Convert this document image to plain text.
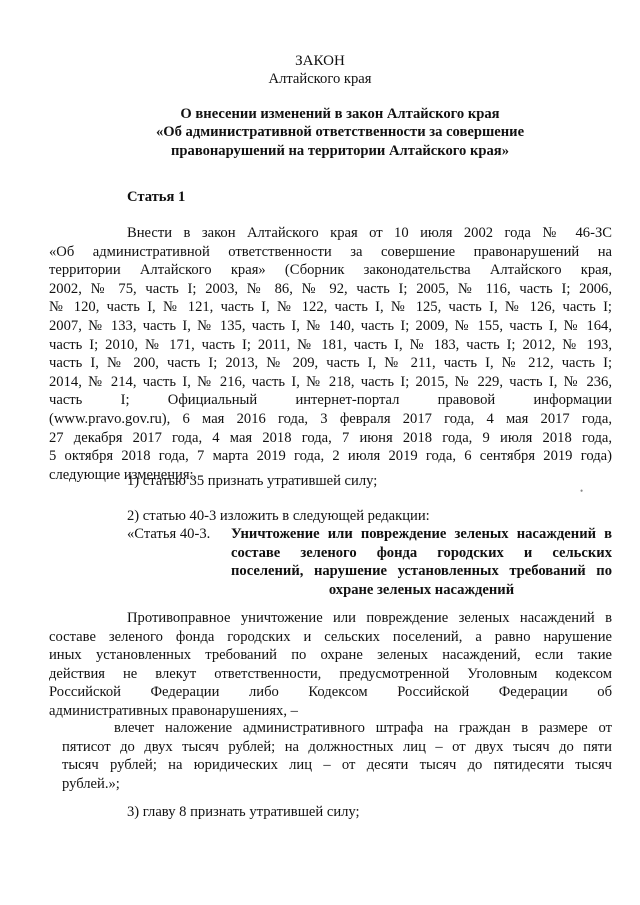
ЗАКОН
Алтайского края
О внесении изменений в закон Алтайского края
«Об административной ответственности за совершение
правонарушений на территории Алтайского края»
Статья 1
Внести в закон Алтайского края от 10 июля 2002 года № 46-ЗС
«Об административной ответственности за совершение правонарушений на
территории Алтайского края» (Сборник законодательства Алтайского края,
2002, № 75, часть I; 2003, № 86, № 92, часть I; 2005, № 116, часть I; 2006,
№ 120, часть I, № 121, часть I, № 122, часть I, № 125, часть I, № 126, часть I;
2007, № 133, часть I, № 135, часть I, № 140, часть I; 2009, № 155, часть I, № 164,
часть I; 2010, № 171, часть I; 2011, № 181, часть I, № 183, часть I; 2012, № 193,
часть I, № 200, часть I; 2013, № 209, часть I, № 211, часть I, № 212, часть I;
2014, № 214, часть I, № 216, часть I, № 218, часть I; 2015, № 229, часть I, № 236,
часть I; Официальный интернет-портал правовой информации
(www.pravo.gov.ru), 6 мая 2016 года, 3 февраля 2017 года, 4 мая 2017 года,
27 декабря 2017 года, 4 мая 2018 года, 7 июня 2018 года, 9 июля 2018 года,
5 октября 2018 года, 7 марта 2019 года, 2 июля 2019 года, 6 сентября 2019 года)
следующие изменения:
1) статью 35 признать утратившей силу;
•
2) статью 40-3 изложить в следующей редакции:
«Статья 40-3. Уничтожение или повреждение зеленых насаждений в
составе зеленого фонда городских и сельских
поселений, нарушение установленных требований по
охране зеленых насаждений
Противоправное уничтожение или повреждение зеленых насаждений в
составе зеленого фонда городских и сельских поселений, а равно нарушение
иных установленных требований по охране зеленых насаждений, если такие
действия не влекут ответственности, предусмотренной Уголовным кодексом
Российской Федерации либо Кодексом Российской Федерации об
административных правонарушениях, –
влечет наложение административного штрафа на граждан в размере от
пятисот до двух тысяч рублей; на должностных лиц – от двух тысяч до пяти
тысяч рублей; на юридических лиц – от десяти тысяч до пятидесяти тысяч
рублей.»;
3) главу 8 признать утратившей силу;
